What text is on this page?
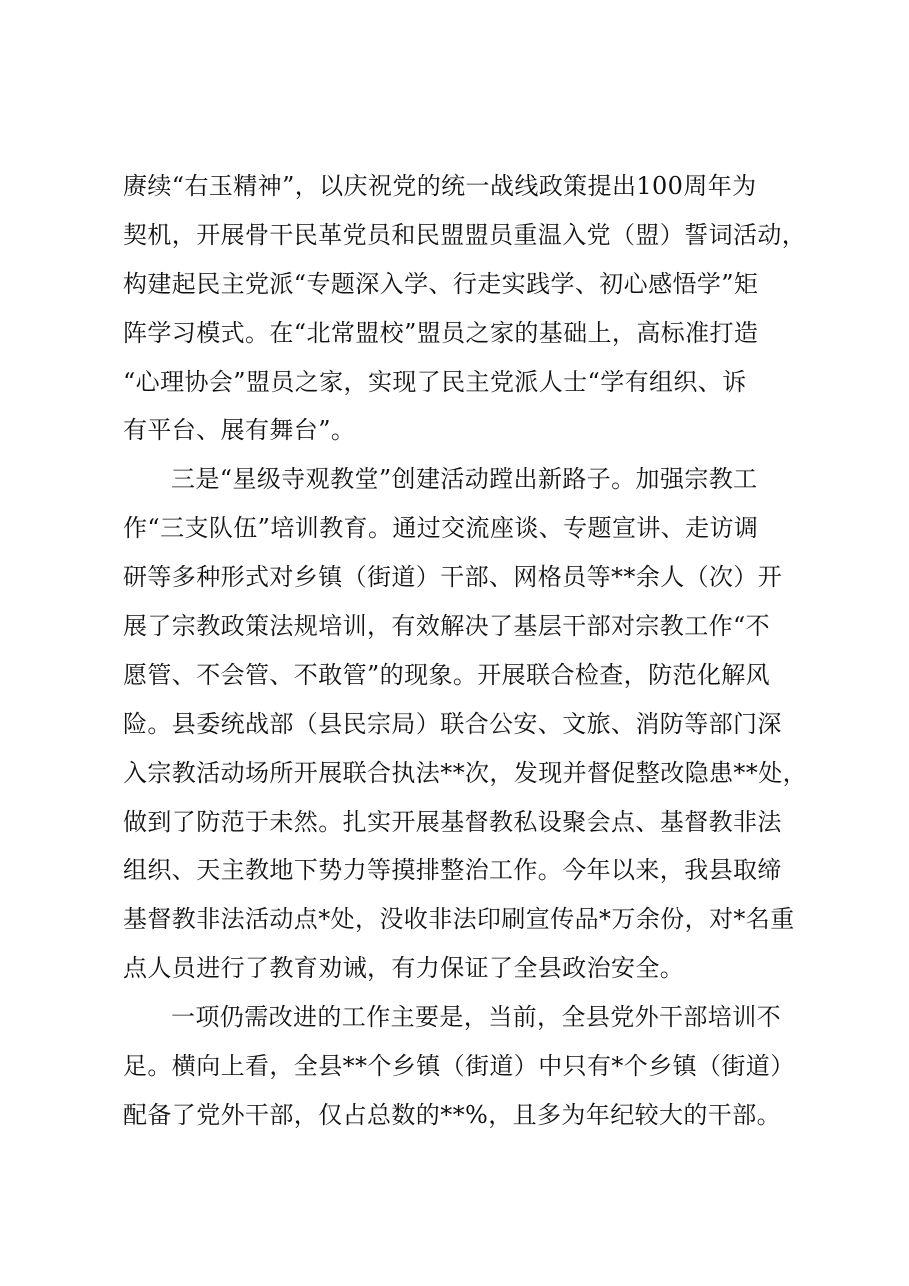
赓续“右玉精神”，以庆祝党的统一战线政策提出100周年为
契机，开展骨干民革党员和民盟盟员重温入党（盟）誓词活动，
构建起民主党派“专题深入学、行走实践学、初心感悟学”矩
阵学习模式。在“北常盟校”盟员之家的基础上，高标准打造
“心理协会”盟员之家，实现了民主党派人士“学有组织、诉
有平台、展有舞台”。
三是“星级寺观教堂”创建活动蹚出新路子。加强宗教工
作“三支队伍”培训教育。通过交流座谈、专题宣讲、走访调
研等多种形式对乡镇（街道）干部、网格员等**余人（次）开
展了宗教政策法规培训，有效解决了基层干部对宗教工作“不
愿管、不会管、不敢管”的现象。开展联合检查，防范化解风
险。县委统战部（县民宗局）联合公安、文旅、消防等部门深
入宗教活动场所开展联合执法**次，发现并督促整改隐患**处，
做到了防范于未然。扎实开展基督教私设聚会点、基督教非法
组织、天主教地下势力等摸排整治工作。今年以来，我县取缔
基督教非法活动点*处，没收非法印刷宣传品*万余份，对*名重
点人员进行了教育劝诫，有力保证了全县政治安全。
一项仍需改进的工作主要是，当前，全县党外干部培训不
足。横向上看，全县**个乡镇（街道）中只有*个乡镇（街道）
配备了党外干部，仅占总数的**%，且多为年纪较大的干部。
